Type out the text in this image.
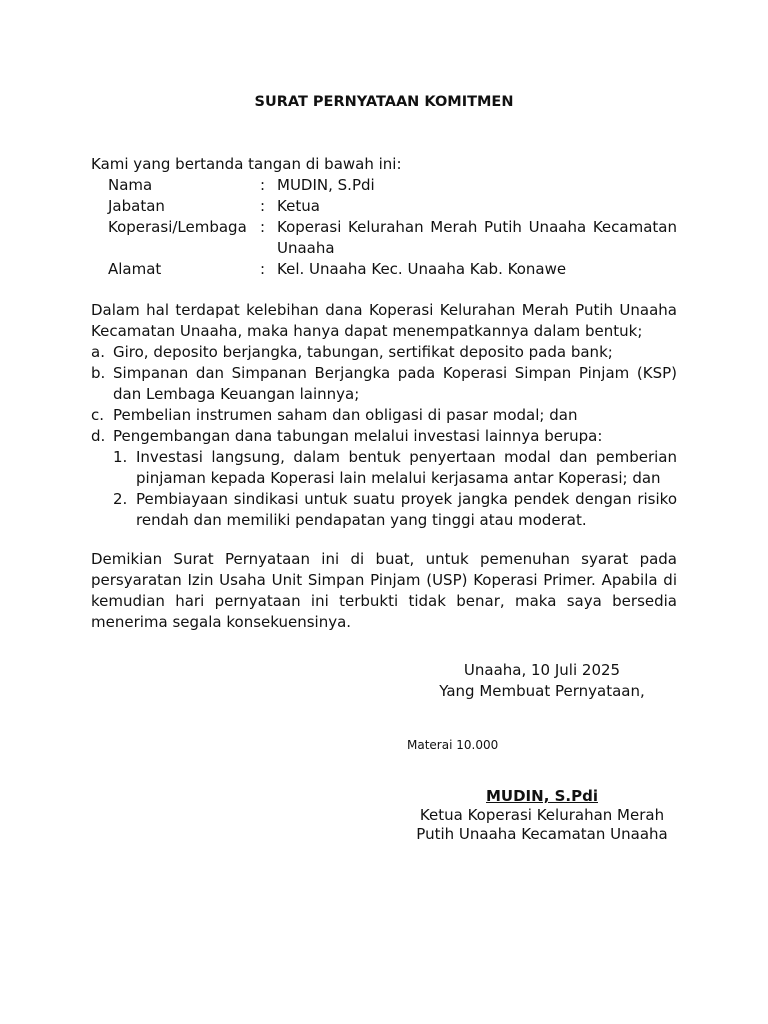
SURAT PERNYATAAN KOMITMEN
Kami yang bertanda tangan di bawah ini:
Nama	: MUDIN, S.Pdi
Jabatan	: Ketua
Koperasi/Lembaga : Koperasi Kelurahan Merah Putih Unaaha Kecamatan Unaaha
Alamat	: Kel. Unaaha Kec. Unaaha Kab. Konawe
Dalam hal terdapat kelebihan dana Koperasi Kelurahan Merah Putih Unaaha Kecamatan Unaaha, maka hanya dapat menempatkannya dalam bentuk;
a. Giro, deposito berjangka, tabungan, sertifikat deposito pada bank;
b. Simpanan dan Simpanan Berjangka pada Koperasi Simpan Pinjam (KSP) dan Lembaga Keuangan lainnya;
c. Pembelian instrumen saham dan obligasi di pasar modal; dan
d. Pengembangan dana tabungan melalui investasi lainnya berupa:
1. Investasi langsung, dalam bentuk penyertaan modal dan pemberian pinjaman kepada Koperasi lain melalui kerjasama antar Koperasi; dan
2. Pembiayaan sindikasi untuk suatu proyek jangka pendek dengan risiko rendah dan memiliki pendapatan yang tinggi atau moderat.
Demikian Surat Pernyataan ini di buat, untuk pemenuhan syarat pada persyaratan Izin Usaha Unit Simpan Pinjam (USP) Koperasi Primer. Apabila di kemudian hari pernyataan ini terbukti tidak benar, maka saya bersedia menerima segala konsekuensinya.
Unaaha, 10 Juli 2025
Yang Membuat Pernyataan,
Materai 10.000
MUDIN, S.Pdi
Ketua Koperasi Kelurahan Merah
Putih Unaaha Kecamatan Unaaha
